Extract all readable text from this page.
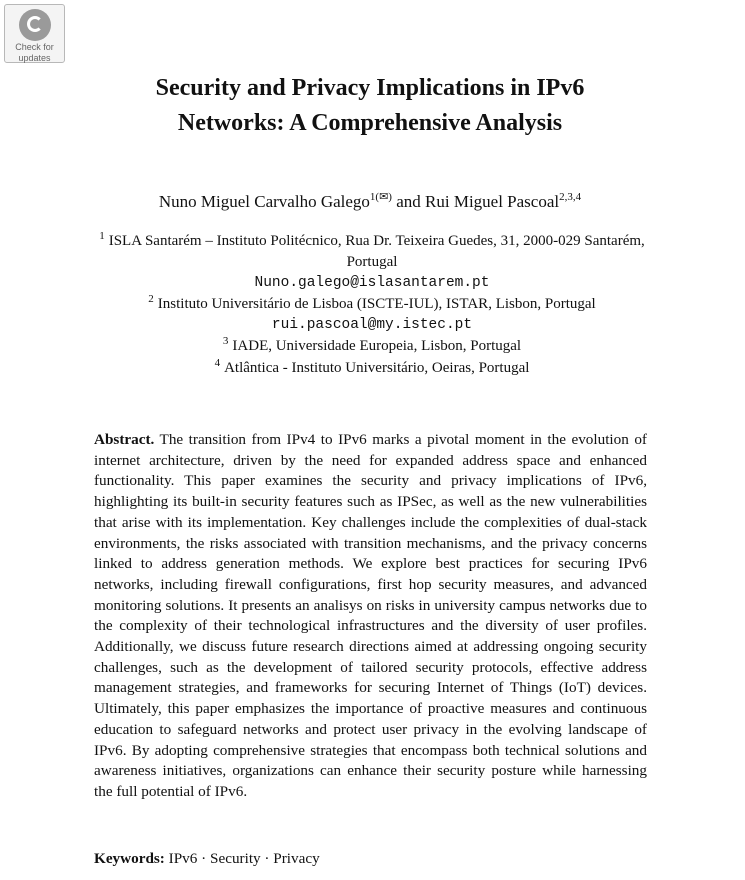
Check for
updates
Security and Privacy Implications in IPv6
Networks: A Comprehensive Analysis
Nuno Miguel Carvalho Galego$^{1(✉)}$ and Rui Miguel Pascoal$^{2,3,4}$
$^1$ ISLA Santarém – Instituto Politécnico, Rua Dr. Teixeira Guedes, 31, 2000-029 Santarém,
Portugal
Nuno.galego@islasantarem.pt
$^2$ Instituto Universitário de Lisboa (ISCTE-IUL), ISTAR, Lisbon, Portugal
rui.pascoal@my.istec.pt
$^3$ IADE, Universidade Europeia, Lisbon, Portugal
$^4$ Atlântica - Instituto Universitário, Oeiras, Portugal
Abstract. The transition from IPv4 to IPv6 marks a pivotal moment in the evolution of internet architecture, driven by the need for expanded address space and enhanced functionality. This paper examines the security and privacy implications of IPv6, highlighting its built-in security features such as IPSec, as well as the new vulnerabilities that arise with its implementation. Key challenges include the complexities of dual-stack environments, the risks associated with transition mechanisms, and the privacy concerns linked to address generation methods. We explore best practices for securing IPv6 networks, including firewall configurations, first hop security measures, and advanced monitoring solutions. It presents an analisys on risks in university campus networks due to the complexity of their technological infrastructures and the diversity of user profiles. Additionally, we discuss future research directions aimed at addressing ongoing security challenges, such as the development of tailored security protocols, effective address management strategies, and frameworks for securing Internet of Things (IoT) devices. Ultimately, this paper emphasizes the importance of proactive measures and continuous education to safeguard networks and protect user privacy in the evolving landscape of IPv6. By adopting comprehensive strategies that encompass both technical solutions and awareness initiatives, organizations can enhance their security posture while harnessing the full potential of IPv6.
Keywords: IPv6 · Security · Privacy
